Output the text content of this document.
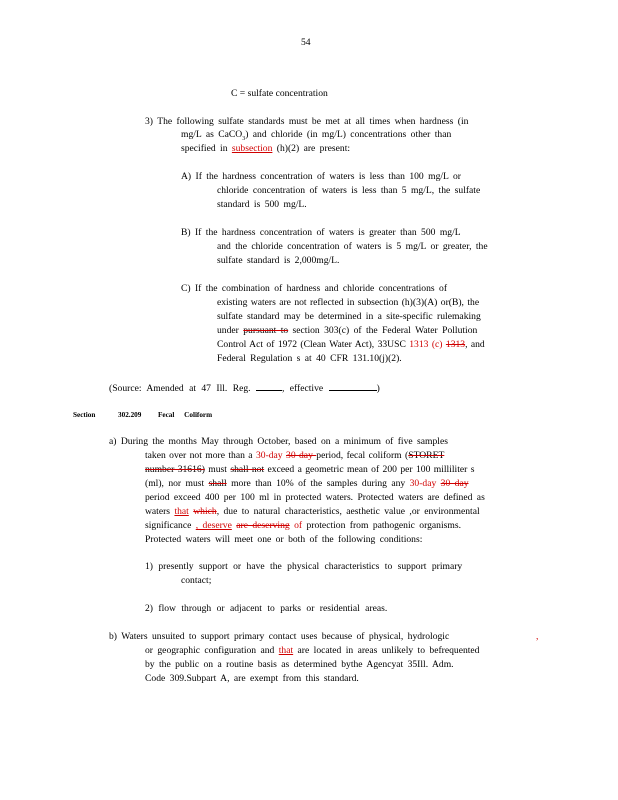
54
C = sulfate concentration
3) The following sulfate standards must be met at all times when hardness (in
mg/L as CaCO$_3$) and chloride (in mg/L) concentrations other than
specified in subsection (h)(2) are present:
A) If the hardness concentration of waters is less than 100 mg/L or
chloride concentration of waters is less than 5 mg/L, the sulfate
standard is 500 mg/L.
B) If the hardness concentration of waters is greater than 500 mg/L
and the chloride concentration of waters is 5 mg/L or greater, the
sulfate standard is 2,000mg/L.
C) If the combination of hardness and chloride concentrations of
existing waters are not reflected in subsection (h)(3)(A) or(B), the
sulfate standard may be determined in a site-specific rulemaking
under pursuant to section 303(c) of the Federal Water Pollution
Control Act of 1972 (Clean Water Act), 33USC 1313 (c) 1313, and
Federal Regulation s at 40 CFR 131.10(j)(2).
(Source: Amended at 47 Ill. Reg.	, effective	)
Section	302.209 Fecal Coliform
a) During the months May through October, based on a minimum of five samples
taken over not more than a 30-day 30 day period, fecal coliform (STORET
number 31616) must shall not exceed a geometric mean of 200 per 100 milliliter s
(ml), nor must shall more than 10% of the samples during any 30-day 30 day
period exceed 400 per 100 ml in protected waters. Protected waters are defined as
waters that which, due to natural characteristics, aesthetic value ,or environmental
significance , deserve are deserving of protection from pathogenic organisms.
Protected waters will meet one or both of the following conditions:
1) presently support or have the physical characteristics to support primary
contact;
2) flow through or adjacent to parks or residential areas.
b) Waters unsuited to support primary contact uses because of physical, hydrologic	,
or geographic configuration and that are located in areas unlikely to befrequented
by the public on a routine basis as determined bythe Agencyat 35Ill. Adm.
Code 309.Subpart A, are exempt from this standard.
